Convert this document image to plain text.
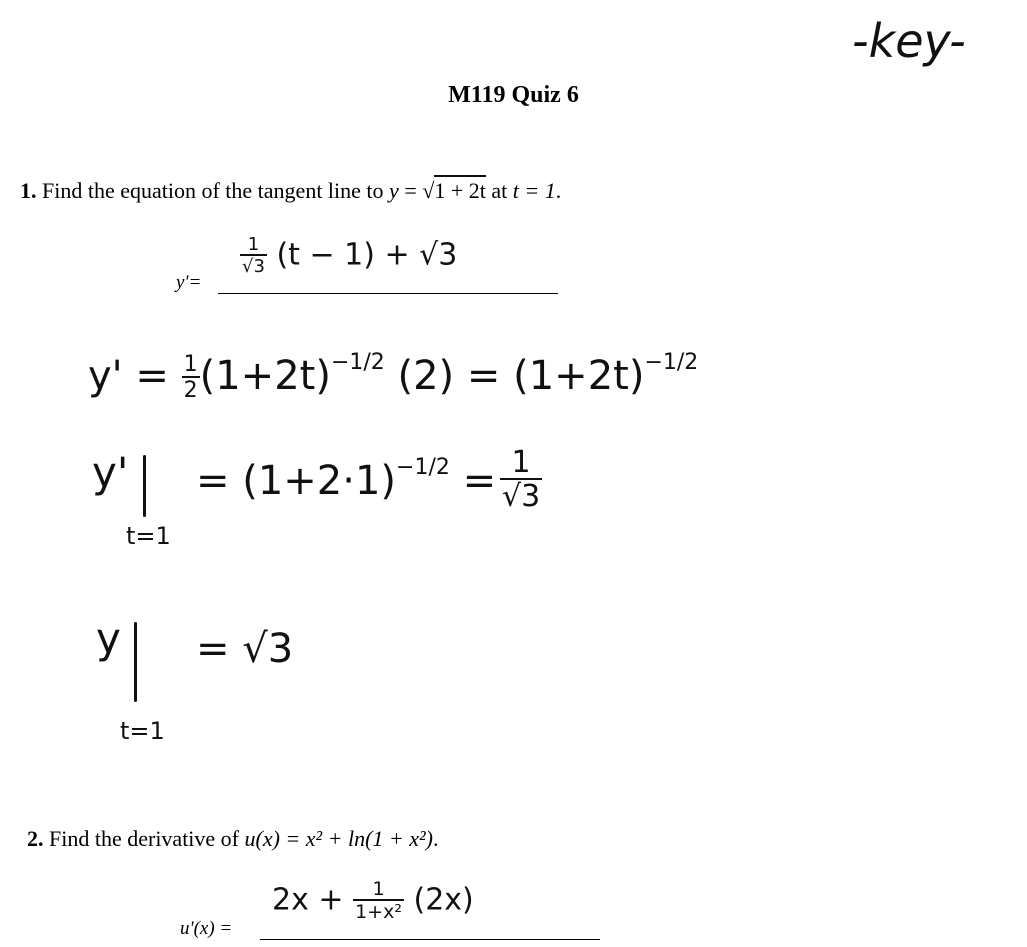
-key-
M119 Quiz 6
1. Find the equation of the tangent line to y = √1 + 2t at t = 1.
y'=
$\frac{1}{√3} (t - 1) + √3$
$y' = \frac{1}{2} (1+2t)^{-1/2}$ $(2) = (1+2t)^{-1/2}$
y'
t=1
= $(1+2\cdot 1)^{-1/2} = \frac{1}{√3}$
y
t=1
= √3
2. Find the derivative of u(x) = x² + ln(1 + x²).
u'(x) =
$2x + \frac{1}{\text{1+x²}} (2x)$
